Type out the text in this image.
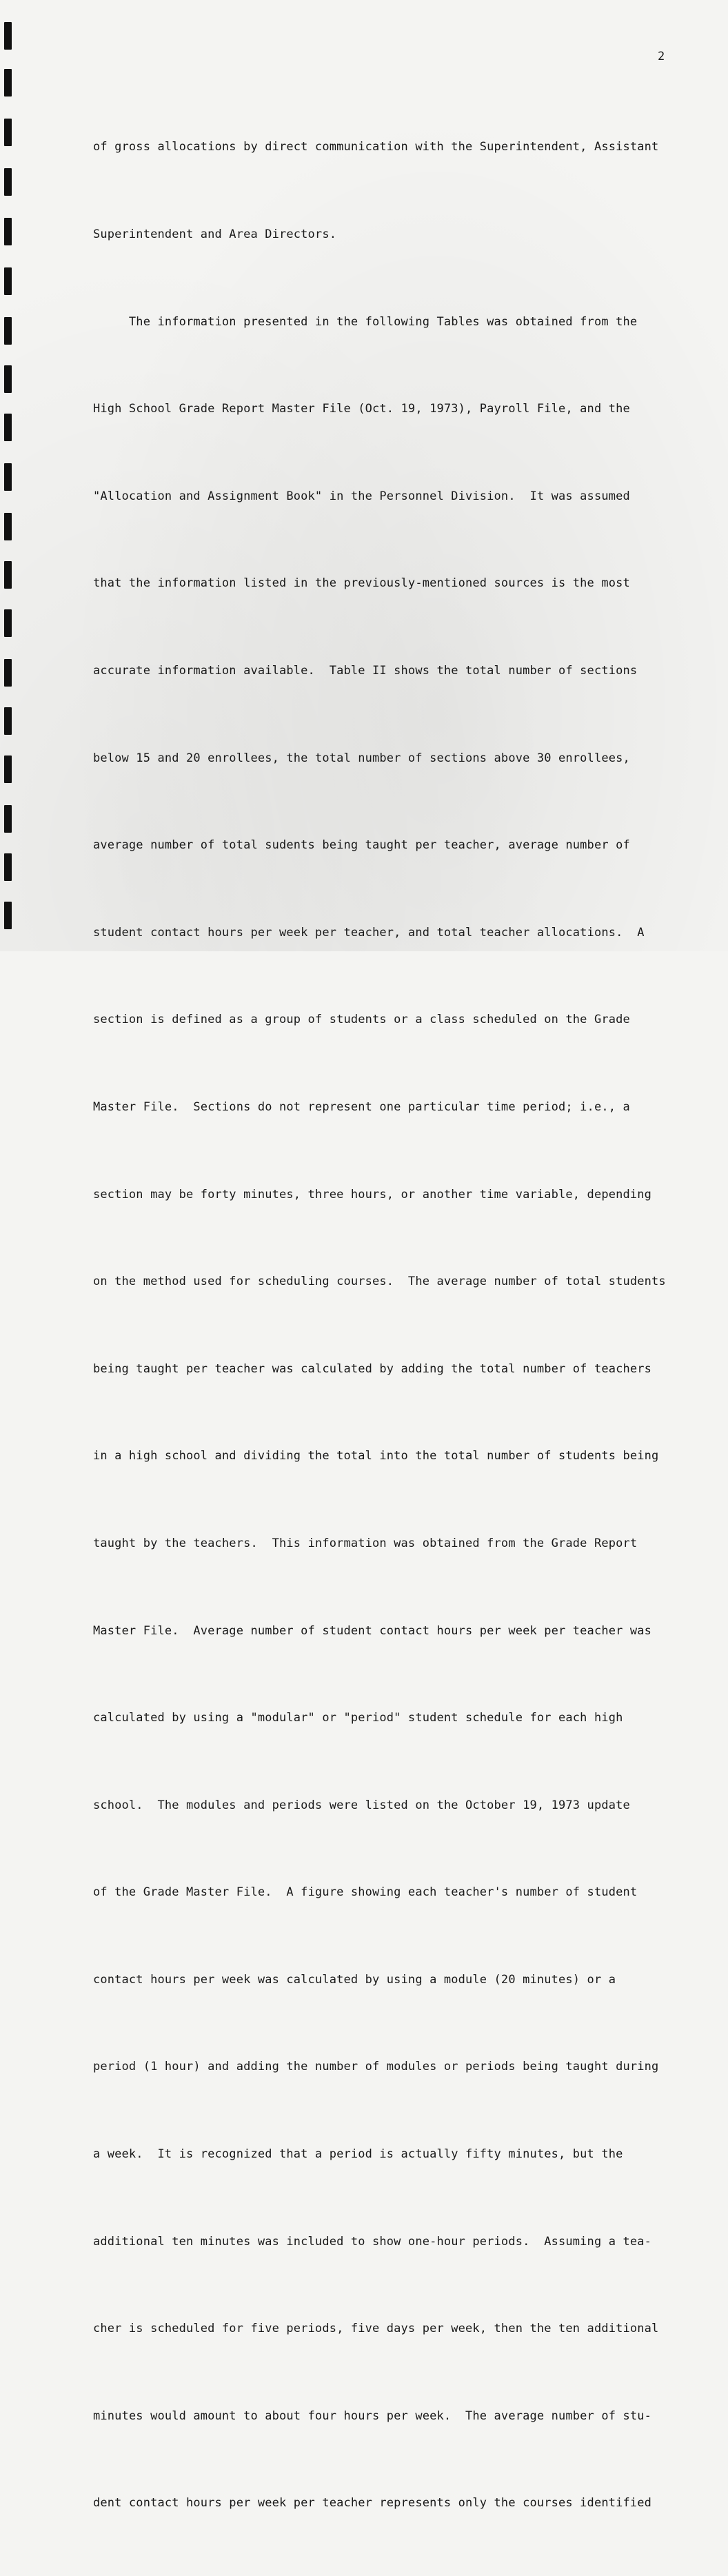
2

of gross allocations by direct communication with the Superintendent, Assistant

Superintendent and Area Directors.

The information presented in the following Tables was obtained from the

High School Grade Report Master File (Oct. 19, 1973), Payroll File, and the

"Allocation and Assignment Book" in the Personnel Division.  It was assumed

that the information listed in the previously-mentioned sources is the most

accurate information available.  Table II shows the total number of sections

below 15 and 20 enrollees, the total number of sections above 30 enrollees,

average number of total sudents being taught per teacher, average number of

student contact hours per week per teacher, and total teacher allocations.  A

section is defined as a group of students or a class scheduled on the Grade

Master File.  Sections do not represent one particular time period; i.e., a

section may be forty minutes, three hours, or another time variable, depending

on the method used for scheduling courses.  The average number of total students

being taught per teacher was calculated by adding the total number of teachers

in a high school and dividing the total into the total number of students being

taught by the teachers.  This information was obtained from the Grade Report

Master File.  Average number of student contact hours per week per teacher was

calculated by using a "modular" or "period" student schedule for each high

school.  The modules and periods were listed on the October 19, 1973 update

of the Grade Master File.  A figure showing each teacher's number of student

contact hours per week was calculated by using a module (20 minutes) or a

period (1 hour) and adding the number of modules or periods being taught during

a week.  It is recognized that a period is actually fifty minutes, but the

additional ten minutes was included to show one-hour periods.  Assuming a tea-

cher is scheduled for five periods, five days per week, then the ten additional

minutes would amount to about four hours per week.  The average number of stu-

dent contact hours per week per teacher represents only the courses identified
